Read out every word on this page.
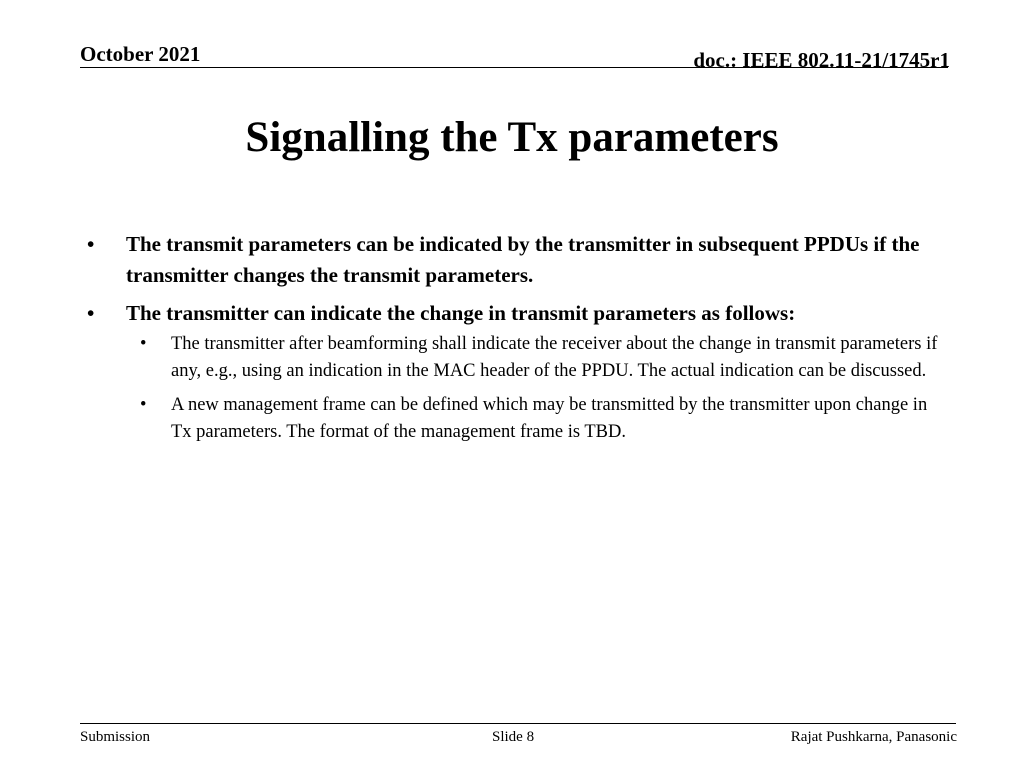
October 2021	doc.: IEEE 802.11-21/1745r1
Signalling the Tx parameters
• The transmit parameters can be indicated by the transmitter in subsequent PPDUs if the transmitter changes the transmit parameters.
• The transmitter can indicate the change in transmit parameters as follows:
• The transmitter after beamforming shall indicate the receiver about the change in transmit parameters if any, e.g., using an indication in the MAC header of the PPDU. The actual indication can be discussed.
• A new management frame can be defined which may be transmitted by the transmitter upon change in Tx parameters. The format of the management frame is TBD.
Submission	Slide 8	Rajat Pushkarna, Panasonic
